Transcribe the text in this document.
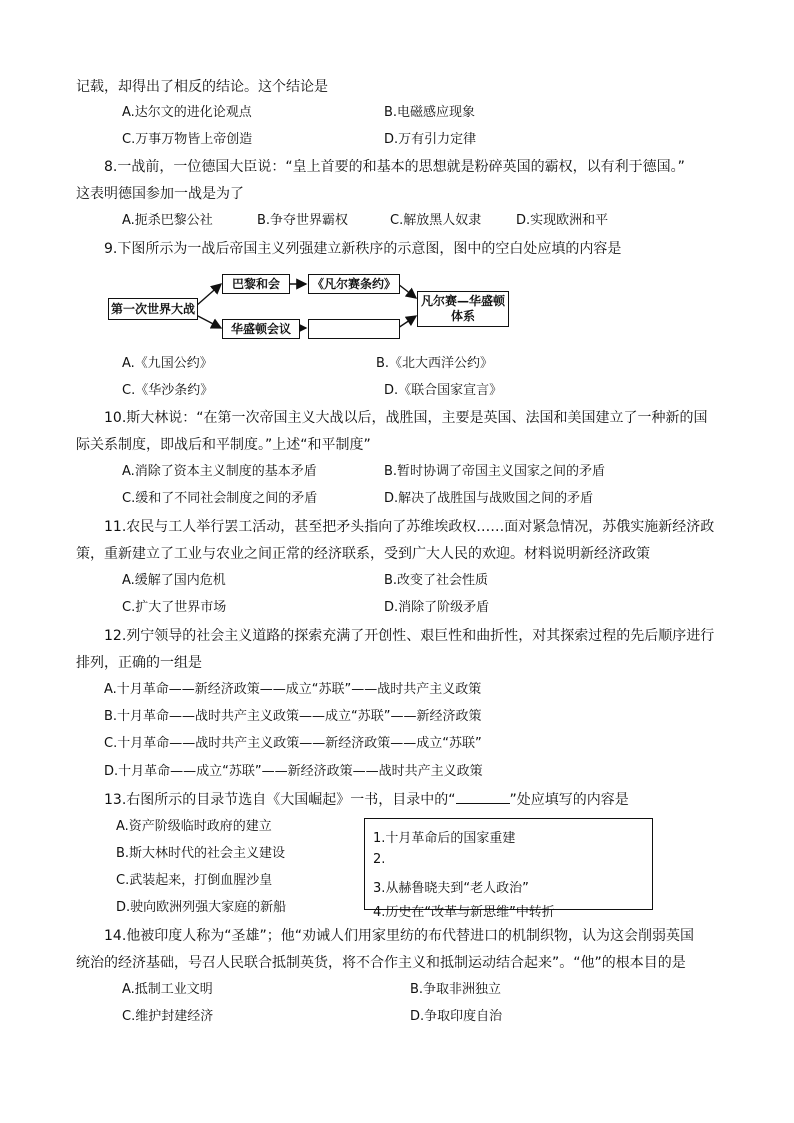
记载，却得出了相反的结论。这个结论是
A.达尔文的进化论观点	B.电磁感应现象
C.万事万物皆上帝创造	D.万有引力定律
8.一战前，一位德国大臣说：“皇上首要的和基本的思想就是粉碎英国的霸权，以有利于德国。”
这表明德国参加一战是为了
A.扼杀巴黎公社	B.争夺世界霸权	C.解放黑人奴隶	D.实现欧洲和平
9.下图所示为一战后帝国主义列强建立新秩序的示意图，图中的空白处应填的内容是
第一次世界大战
巴黎和会	《凡尔赛条约》
华盛顿会议
凡尔赛—华盛顿
体系
A.《九国公约》	B.《北大西洋公约》
C.《华沙条约》	D.《联合国家宣言》
10.斯大林说：“在第一次帝国主义大战以后，战胜国，主要是英国、法国和美国建立了一种新的国
际关系制度，即战后和平制度。”上述“和平制度”
A.消除了资本主义制度的基本矛盾	B.暂时协调了帝国主义国家之间的矛盾
C.缓和了不同社会制度之间的矛盾	D.解决了战胜国与战败国之间的矛盾
11.农民与工人举行罢工活动，甚至把矛头指向了苏维埃政权……面对紧急情况，苏俄实施新经济政
策，重新建立了工业与农业之间正常的经济联系，受到广大人民的欢迎。材料说明新经济政策
A.缓解了国内危机	B.改变了社会性质
C.扩大了世界市场	D.消除了阶级矛盾
12.列宁领导的社会主义道路的探索充满了开创性、艰巨性和曲折性，对其探索过程的先后顺序进行
排列，正确的一组是
A.十月革命——新经济政策——成立“苏联”——战时共产主义政策
B.十月革命——战时共产主义政策——成立“苏联”——新经济政策
C.十月革命——战时共产主义政策——新经济政策——成立“苏联”
D.十月革命——成立“苏联”——新经济政策——战时共产主义政策
13.右图所示的目录节选自《大国崛起》一书，目录中的“	”处应填写的内容是
A.资产阶级临时政府的建立
B.斯大林时代的社会主义建设
C.武装起来，打倒血腥沙皇
D.驶向欧洲列强大家庭的新船
1.十月革命后的国家重建
2.
3.从赫鲁晓夫到“老人政治”
4.历史在“改革与新思维”中转折
14.他被印度人称为“圣雄”；他“劝诫人们用家里纺的布代替进口的机制织物，认为这会削弱英国
统治的经济基础，号召人民联合抵制英货，将不合作主义和抵制运动结合起来”。“他”的根本目的是
A.抵制工业文明	B.争取非洲独立
C.维护封建经济	D.争取印度自治
